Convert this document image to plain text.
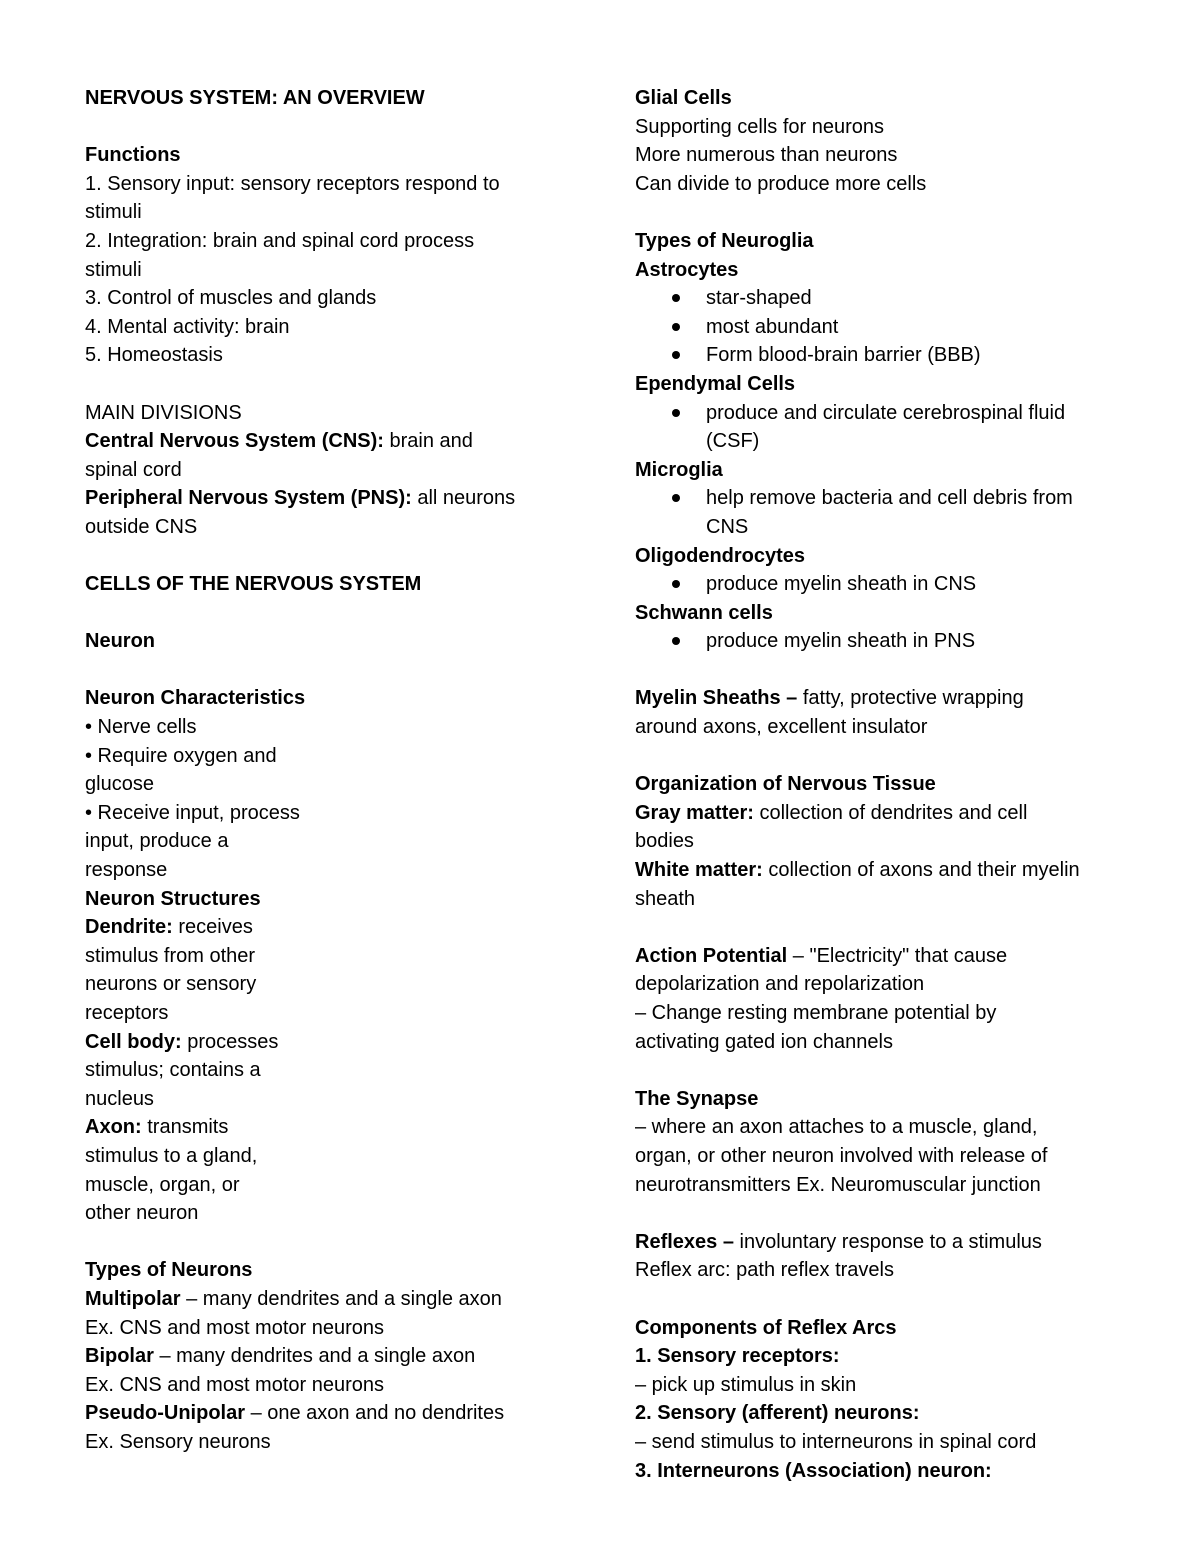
NERVOUS SYSTEM: AN OVERVIEW
Functions
1. Sensory input: sensory receptors respond to
stimuli
2. Integration: brain and spinal cord process
stimuli
3. Control of muscles and glands
4. Mental activity: brain
5. Homeostasis
MAIN DIVISIONS
Central Nervous System (CNS): brain and
spinal cord
Peripheral Nervous System (PNS): all neurons
outside CNS
CELLS OF THE NERVOUS SYSTEM
Neuron
Neuron Characteristics
• Nerve cells
• Require oxygen and
glucose
• Receive input, process
input, produce a
response
Neuron Structures
Dendrite: receives
stimulus from other
neurons or sensory
receptors
Cell body: processes
stimulus; contains a
nucleus
Axon: transmits
stimulus to a gland,
muscle, organ, or
other neuron
Types of Neurons
Multipolar – many dendrites and a single axon
Ex. CNS and most motor neurons
Bipolar – many dendrites and a single axon
Ex. CNS and most motor neurons
Pseudo-Unipolar – one axon and no dendrites
Ex. Sensory neurons
Glial Cells
Supporting cells for neurons
More numerous than neurons
Can divide to produce more cells
Types of Neuroglia
Astrocytes
star-shaped
most abundant
Form blood-brain barrier (BBB)
Ependymal Cells
produce and circulate cerebrospinal fluid
(CSF)
Microglia
help remove bacteria and cell debris from
CNS
Oligodendrocytes
produce myelin sheath in CNS
Schwann cells
produce myelin sheath in PNS
Myelin Sheaths – fatty, protective wrapping
around axons, excellent insulator
Organization of Nervous Tissue
Gray matter: collection of dendrites and cell
bodies
White matter: collection of axons and their myelin
sheath
Action Potential – "Electricity" that cause
depolarization and repolarization
– Change resting membrane potential by
activating gated ion channels
The Synapse
– where an axon attaches to a muscle, gland,
organ, or other neuron involved with release of
neurotransmitters Ex. Neuromuscular junction
Reflexes – involuntary response to a stimulus
Reflex arc: path reflex travels
Components of Reflex Arcs
1. Sensory receptors:
– pick up stimulus in skin
2. Sensory (afferent) neurons:
– send stimulus to interneurons in spinal cord
3. Interneurons (Association) neuron:
